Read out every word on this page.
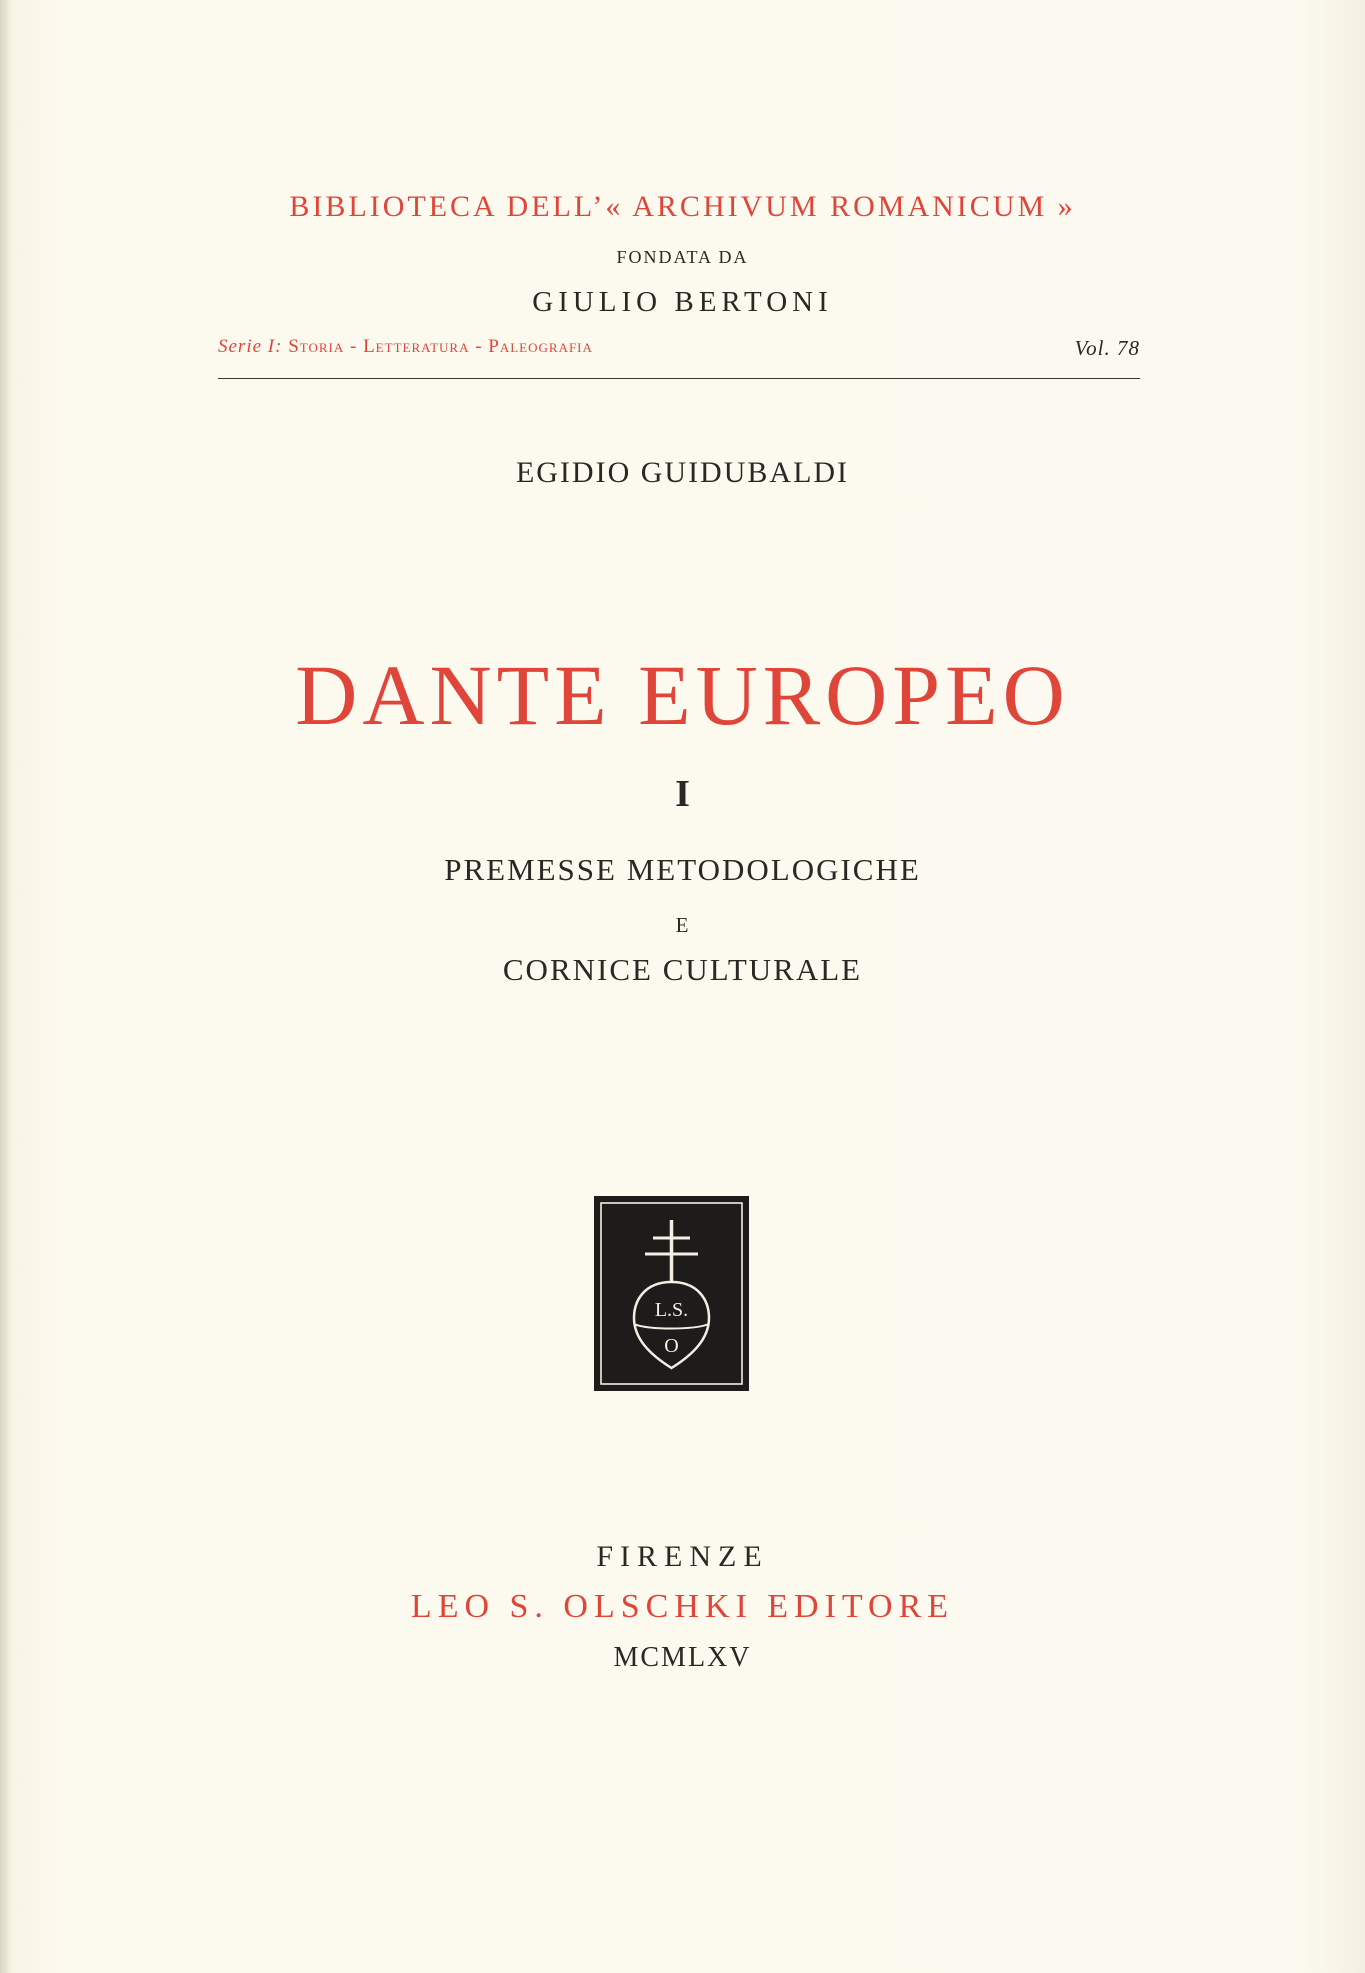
BIBLIOTECA DELL’« ARCHIVUM ROMANICUM »
FONDATA DA
GIULIO BERTONI
Serie I: Storia - Letteratura - Paleografia	Vol. 78
EGIDIO GUIDUBALDI
DANTE EUROPEO
I
PREMESSE METODOLOGICHE
E
CORNICE CULTURALE
L.S.
O
FIRENZE
LEO S. OLSCHKI EDITORE
MCMLXV
